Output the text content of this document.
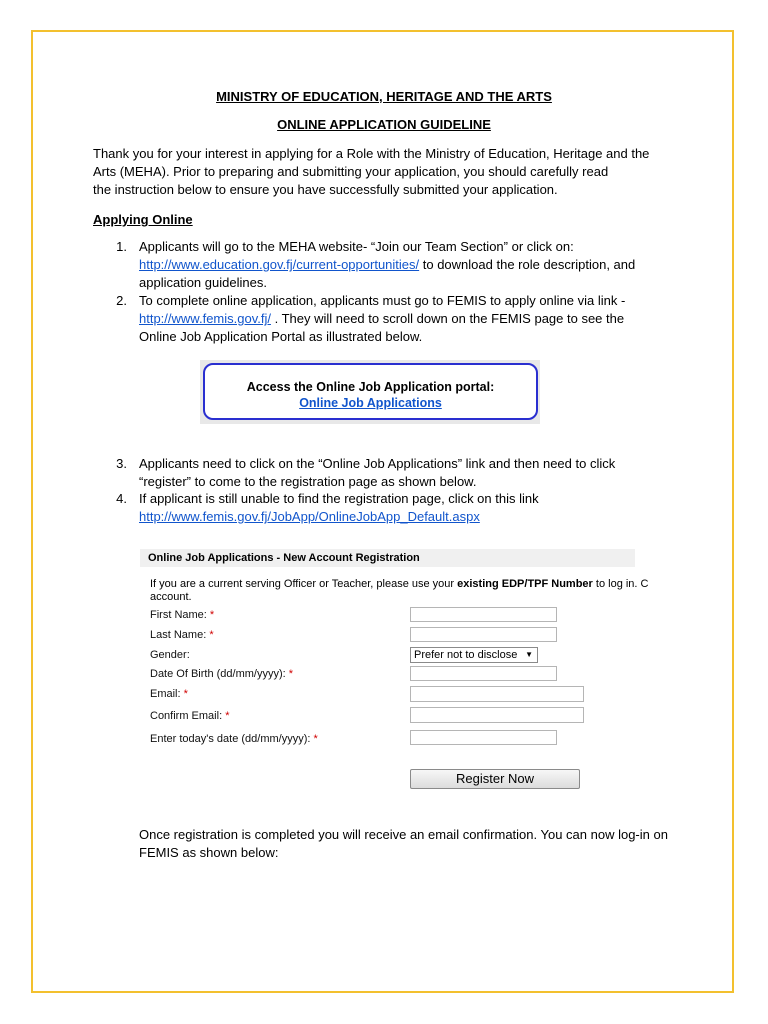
MINISTRY OF EDUCATION, HERITAGE AND THE ARTS
ONLINE APPLICATION GUIDELINE
Thank you for your interest in applying for a Role with the Ministry of Education, Heritage and the
Arts (MEHA). Prior to preparing and submitting your application, you should carefully read
the instruction below to ensure you have successfully submitted your application.
Applying Online
1. Applicants will go to the MEHA website- “Join our Team Section” or click on:
http://www.education.gov.fj/current-opportunities/ to download the role description, and
application guidelines.
2. To complete online application, applicants must go to FEMIS to apply online via link -
http://www.femis.gov.fj/ . They will need to scroll down on the FEMIS page to see the
Online Job Application Portal as illustrated below.
Access the Online Job Application portal:
Online Job Applications
3. Applicants need to click on the “Online Job Applications” link and then need to click
“register” to come to the registration page as shown below.
4. If applicant is still unable to find the registration page, click on this link
http://www.femis.gov.fj/JobApp/OnlineJobApp_Default.aspx
Online Job Applications - New Account Registration
If you are a current serving Officer or Teacher, please use your existing EDP/TPF Number to log in. C
account.
First Name: *
Last Name: *
Gender:	Prefer not to disclose ▼
Date Of Birth (dd/mm/yyyy): *
Email: *
Confirm Email: *
Enter today's date (dd/mm/yyyy): *
Register Now
Once registration is completed you will receive an email confirmation. You can now log-in on
FEMIS as shown below:
